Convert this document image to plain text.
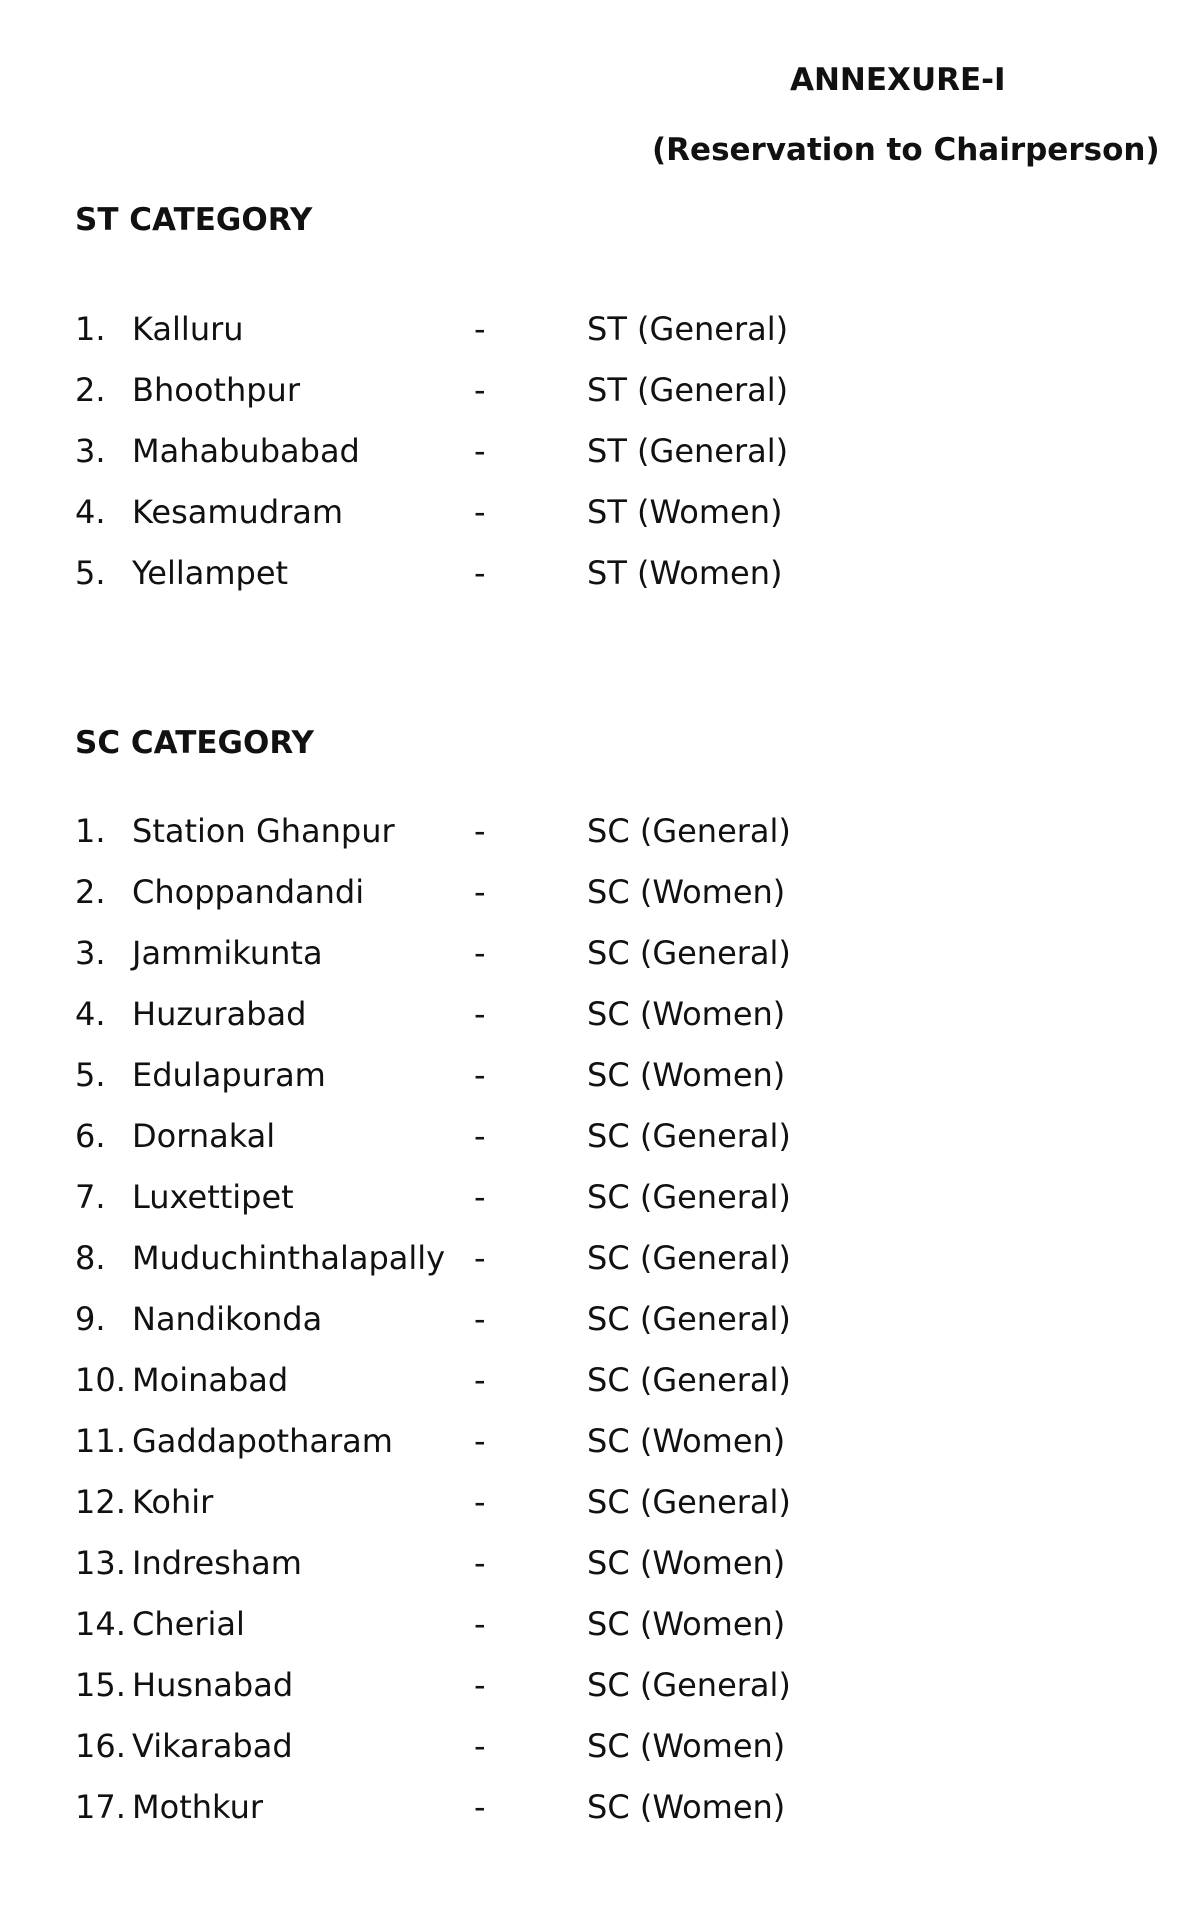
ANNEXURE-I
(Reservation to Chairperson)
ST CATEGORY
1. Kalluru	-	ST (General)
2. Bhoothpur	-	ST (General)
3. Mahabubabad	-	ST (General)
4. Kesamudram	-	ST (Women)
5. Yellampet	-	ST (Women)
SC CATEGORY
1. Station Ghanpur -	SC (General)
2. Choppandandi	-	SC (Women)
3. Jammikunta	-	SC (General)
4. Huzurabad	-	SC (Women)
5. Edulapuram	-	SC (Women)
6. Dornakal	-	SC (General)
7. Luxettipet	-	SC (General)
8. Muduchinthalapally -	SC (General)
9. Nandikonda	-	SC (General)
10. Moinabad	-	SC (General)
11. Gaddapotharam	-	SC (Women)
12. Kohir	-	SC (General)
13. Indresham	-	SC (Women)
14. Cherial	-	SC (Women)
15. Husnabad	-	SC (General)
16. Vikarabad	-	SC (Women)
17. Mothkur	-	SC (Women)
